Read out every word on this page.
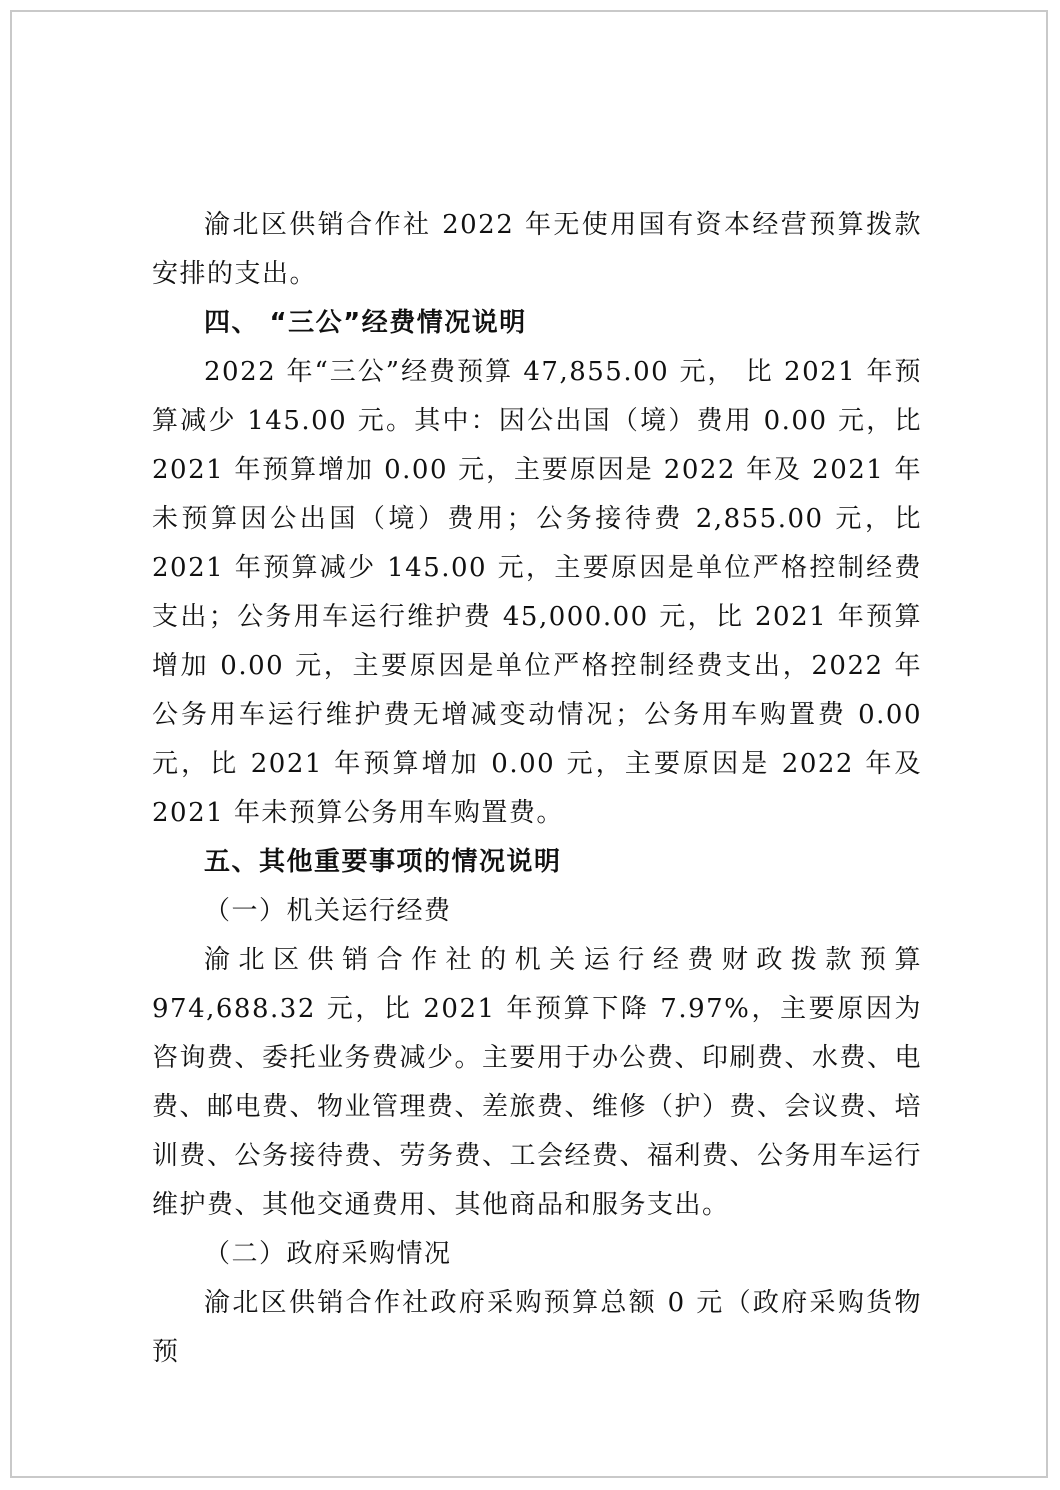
渝北区供销合作社 2022 年无使用国有资本经营预算拨款安排的支出。

四、 “三公”经费情况说明

2022 年“三公”经费预算 47,855.00 元， 比 2021 年预算减少 145.00 元。其中：因公出国（境）费用 0.00 元，比 2021 年预算增加 0.00 元，主要原因是 2022 年及 2021 年未预算因公出国（境）费用；公务接待费 2,855.00 元，比 2021 年预算减少 145.00 元，主要原因是单位严格控制经费支出；公务用车运行维护费 45,000.00 元，比 2021 年预算增加 0.00 元，主要原因是单位严格控制经费支出，2022 年公务用车运行维护费无增减变动情况；公务用车购置费 0.00 元，比 2021 年预算增加 0.00 元，主要原因是 2022 年及 2021 年未预算公务用车购置费。

五、其他重要事项的情况说明

（一）机关运行经费

渝北区供销合作社的机关运行经费财政拨款预算 974,688.32 元，比 2021 年预算下降 7.97%，主要原因为咨询费、委托业务费减少。主要用于办公费、印刷费、水费、电费、邮电费、物业管理费、差旅费、维修（护）费、会议费、培训费、公务接待费、劳务费、工会经费、福利费、公务用车运行维护费、其他交通费用、其他商品和服务支出。

（二）政府采购情况

渝北区供销合作社政府采购预算总额 0 元（政府采购货物预
